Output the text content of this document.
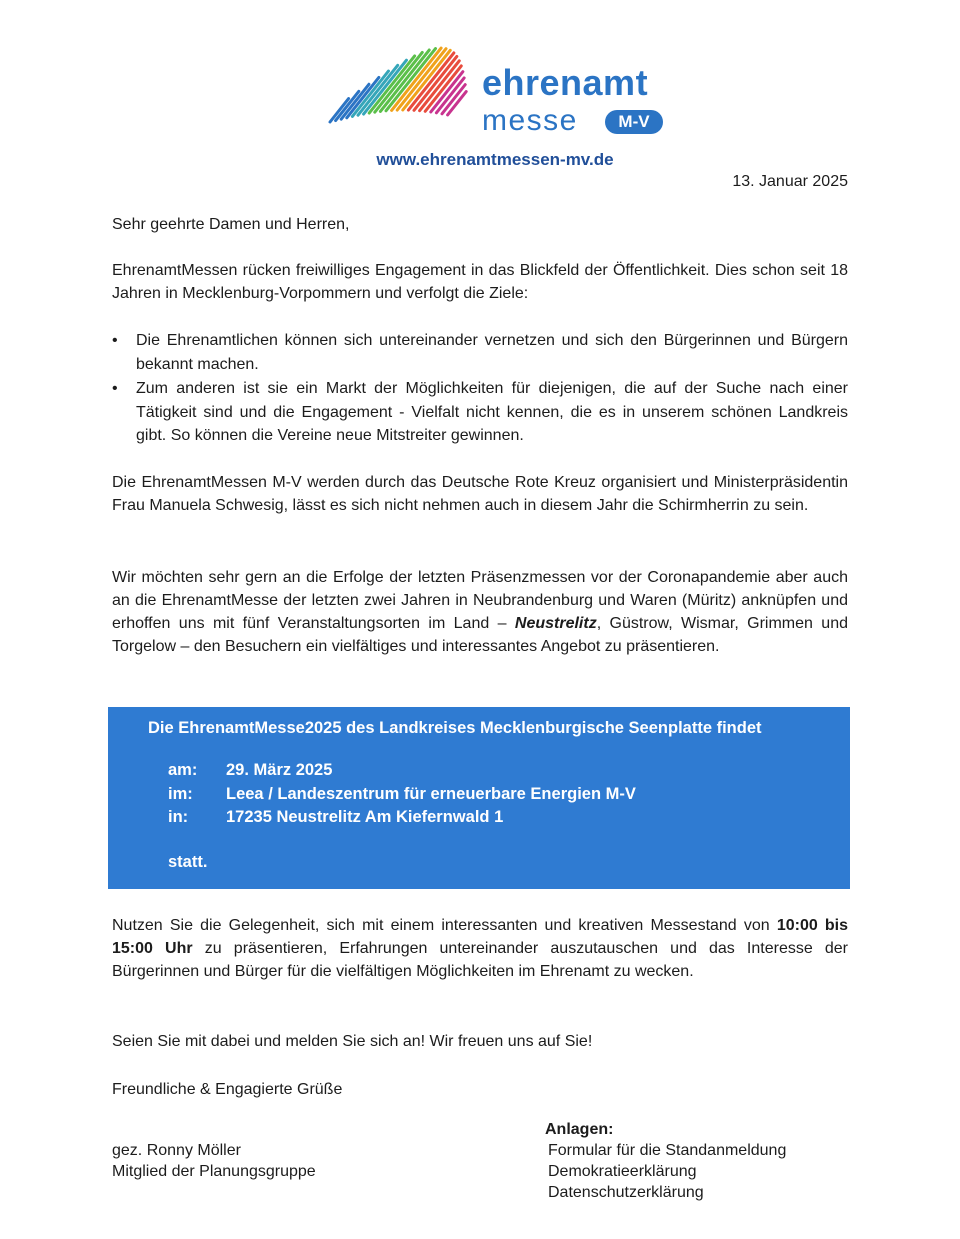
ehrenamt
messe	M-V
www.ehrenamtmessen-mv.de
13. Januar 2025

Sehr geehrte Damen und Herren,

EhrenamtMessen rücken freiwilliges Engagement in das Blickfeld der Öffentlichkeit. Dies schon seit 18 Jahren in Mecklenburg-Vorpommern und verfolgt die Ziele:

• Die Ehrenamtlichen können sich untereinander vernetzen und sich den Bürgerinnen und Bürgern bekannt machen.
• Zum anderen ist sie ein Markt der Möglichkeiten für diejenigen, die auf der Suche nach einer Tätigkeit sind und die Engagement - Vielfalt nicht kennen, die es in unserem schönen Landkreis gibt. So können die Vereine neue Mitstreiter gewinnen.

Die EhrenamtMessen M-V werden durch das Deutsche Rote Kreuz organisiert und Ministerpräsidentin Frau Manuela Schwesig, lässt es sich nicht nehmen auch in diesem Jahr die Schirmherrin zu sein.

Wir möchten sehr gern an die Erfolge der letzten Präsenzmessen vor der Coronapandemie aber auch an die EhrenamtMesse der letzten zwei Jahren in Neubrandenburg und Waren (Müritz) anknüpfen und erhoffen uns mit fünf Veranstaltungsorten im Land – Neustrelitz, Güstrow, Wismar, Grimmen und Torgelow – den Besuchern ein vielfältiges und interessantes Angebot zu präsentieren.

Die EhrenamtMesse2025 des Landkreises Mecklenburgische Seenplatte findet
am: 29. März 2025
im: Leea / Landeszentrum für erneuerbare Energien M-V
in: 17235 Neustrelitz Am Kiefernwald 1
statt.

Nutzen Sie die Gelegenheit, sich mit einem interessanten und kreativen Messestand von 10:00 bis 15:00 Uhr zu präsentieren, Erfahrungen untereinander auszutauschen und das Interesse der Bürgerinnen und Bürger für die vielfältigen Möglichkeiten im Ehrenamt zu wecken.

Seien Sie mit dabei und melden Sie sich an! Wir freuen uns auf Sie!

Freundliche & Engagierte Grüße

gez. Ronny Möller
Mitglied der Planungsgruppe
Anlagen:
Formular für die Standanmeldung
Demokratieerklärung
Datenschutzerklärung
